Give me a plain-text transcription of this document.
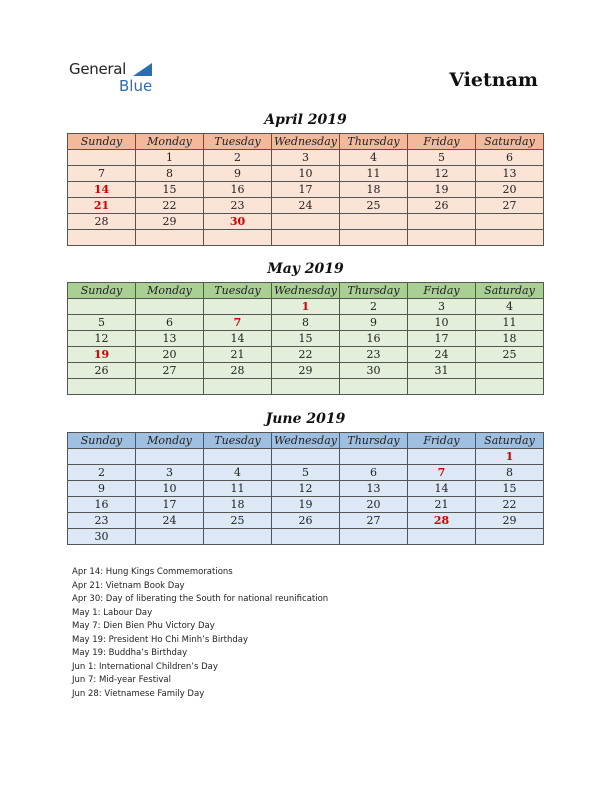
General
Blue	Vietnam
April 2019
Sunday	Monday	Tuesday	Wednesday	Thursday	Friday	Saturday
	1	2	3	4	5	6
7	8	9	10	11	12	13
14	15	16	17	18	19	20
21	22	23	24	25	26	27
28	29	30				

May 2019
Sunday	Monday	Tuesday	Wednesday	Thursday	Friday	Saturday
			1	2	3	4
5	6	7	8	9	10	11
12	13	14	15	16	17	18
19	20	21	22	23	24	25
26	27	28	29	30	31	

June 2019
Sunday	Monday	Tuesday	Wednesday	Thursday	Friday	Saturday
						1
2	3	4	5	6	7	8
9	10	11	12	13	14	15
16	17	18	19	20	21	22
23	24	25	26	27	28	29
30						
Apr 14: Hung Kings Commemorations
Apr 21: Vietnam Book Day
Apr 30: Day of liberating the South for national reunification
May 1: Labour Day
May 7: Dien Bien Phu Victory Day
May 19: President Ho Chi Minh’s Birthday
May 19: Buddha’s Birthday
Jun 1: International Children’s Day
Jun 7: Mid-year Festival
Jun 28: Vietnamese Family Day
